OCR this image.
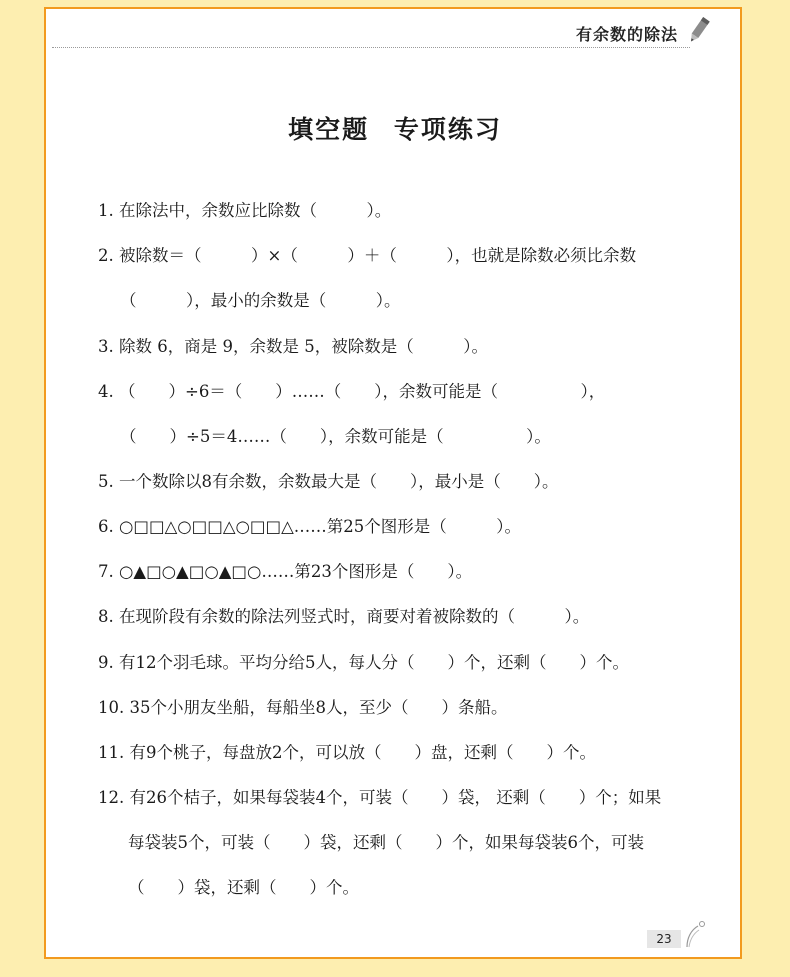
有余数的除法
填空题 专项练习
1. 在除法中，余数应比除数（　　　）。
2. 被除数＝（　　　）×（　　　）＋（　　　），也就是除数必须比余数
（　　　），最小的余数是（　　　）。
3. 除数 6，商是 9，余数是 5，被除数是（　　　）。
4. （　　）÷6＝（　　）……（　　），余数可能是（　　　　　），
（　　）÷5＝4……（　　），余数可能是（　　　　　）。
5. 一个数除以8有余数，余数最大是（　　），最小是（　　）。
6. ○□□△○□□△○□□△……第25个图形是（　　　）。
7. ○▲□○▲□○▲□○……第23个图形是（　　）。
8. 在现阶段有余数的除法列竖式时，商要对着被除数的（　　　）。
9. 有12个羽毛球。平均分给5人，每人分（　　）个，还剩（　　）个。
10. 35个小朋友坐船，每船坐8人，至少（　　）条船。
11. 有9个桃子，每盘放2个，可以放（　　）盘，还剩（　　）个。
12. 有26个桔子，如果每袋装4个，可装（　　）袋， 还剩（　　）个；如果
每袋装5个，可装（　　）袋，还剩（　　）个，如果每袋装6个，可装
（　　）袋，还剩（　　）个。
23
